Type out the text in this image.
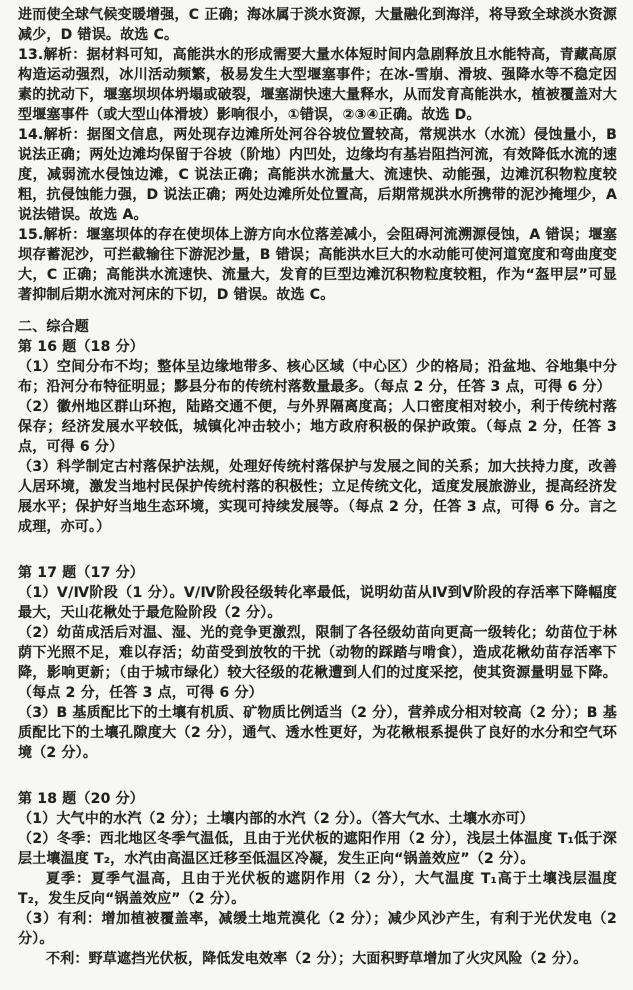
进而使全球气候变暖增强，C 正确；海冰属于淡水资源，大量融化到海洋，将导致全球淡水资源减少，D 错误。故选 C。

13.解析：据材料可知，高能洪水的形成需要大量水体短时间内急剧释放且水能特高，青藏高原构造运动强烈，冰川活动频繁，极易发生大型堰塞事件；在冰-雪崩、滑坡、强降水等不稳定因素的扰动下，堰塞坝坝体坍塌或破裂，堰塞湖快速大量释水，从而发育高能洪水，植被覆盖对大型堰塞事件（或大型山体滑坡）影响很小，①错误，②③④正确。故选 D。

14.解析：据图文信息，两处现存边滩所处河谷谷坡位置较高，常规洪水（水流）侵蚀量小，B 说法正确；两处边滩均保留于谷坡（阶地）内凹处，边缘均有基岩阻挡河流，有效降低水流的速度，减弱流水侵蚀边滩，C 说法正确；高能洪水流量大、流速快、动能强，边滩沉积物粒度较粗，抗侵蚀能力强，D 说法正确；两处边滩所处位置高，后期常规洪水所携带的泥沙掩埋少，A 说法错误。故选 A。

15.解析：堰塞坝体的存在使坝体上游方向水位落差减小，会阻碍河流溯源侵蚀，A 错误；堰塞坝存蓄泥沙，可拦截输往下游泥沙量，B 错误；高能洪水巨大的水动能可使河道宽度和弯曲度变大，C 正确；高能洪水流速快、流量大，发育的巨型边滩沉积物粒度较粗，作为“盔甲层”可显著抑制后期水流对河床的下切，D 错误。故选 C。

二、综合题

第 16 题（18 分）

（1）空间分布不均；整体呈边缘地带多、核心区域（中心区）少的格局；沿盆地、谷地集中分布；沿河分布特征明显；黟县分布的传统村落数量最多。（每点 2 分，任答 3 点，可得 6 分）

（2）徽州地区群山环抱，陆路交通不便，与外界隔离度高；人口密度相对较小，利于传统村落保存；经济发展水平较低，城镇化冲击较小；地方政府积极的保护政策。（每点 2 分，任答 3 点，可得 6 分）

（3）科学制定古村落保护法规，处理好传统村落保护与发展之间的关系；加大扶持力度，改善人居环境，激发当地村民保护传统村落的积极性；立足传统文化，适度发展旅游业，提高经济发展水平；保护好当地生态环境，实现可持续发展等。（每点 2 分，任答 3 点，可得 6 分。言之成理，亦可。）

第 17 题（17 分）

（1）Ⅴ/Ⅳ阶段（1 分）。Ⅴ/Ⅳ阶段径级转化率最低，说明幼苗从Ⅳ到Ⅴ阶段的存活率下降幅度最大，天山花楸处于最危险阶段（2 分）。

（2）幼苗成活后对温、湿、光的竞争更激烈，限制了各径级幼苗向更高一级转化；幼苗位于林荫下光照不足，难以存活；幼苗受到放牧的干扰（动物的踩踏与啃食），造成花楸幼苗存活率下降，影响更新；（由于城市绿化）较大径级的花楸遭到人们的过度采挖，使其资源量明显下降。（每点 2 分，任答 3 点，可得 6 分）

（3）B 基质配比下的土壤有机质、矿物质比例适当（2 分），营养成分相对较高（2 分）；B 基质配比下的土壤孔隙度大（2 分），通气、透水性更好，为花楸根系提供了良好的水分和空气环境（2 分）。

第 18 题（20 分）

（1）大气中的水汽（2 分）；土壤内部的水汽（2 分）。（答大气水、土壤水亦可）

（2）冬季：西北地区冬季气温低，且由于光伏板的遮阳作用（2 分），浅层土体温度 T₁低于深层土壤温度 T₂，水汽由高温区迁移至低温区冷凝，发生正向“锅盖效应”（2 分）。

夏季：夏季气温高，且由于光伏板的遮阴作用（2 分），大气温度 T₁高于土壤浅层温度 T₂，发生反向“锅盖效应”（2 分）。

（3）有利：增加植被覆盖率，减缓土地荒漠化（2 分）；减少风沙产生，有利于光伏发电（2 分）。

不利：野草遮挡光伏板，降低发电效率（2 分）；大面积野草增加了火灾风险（2 分）。
